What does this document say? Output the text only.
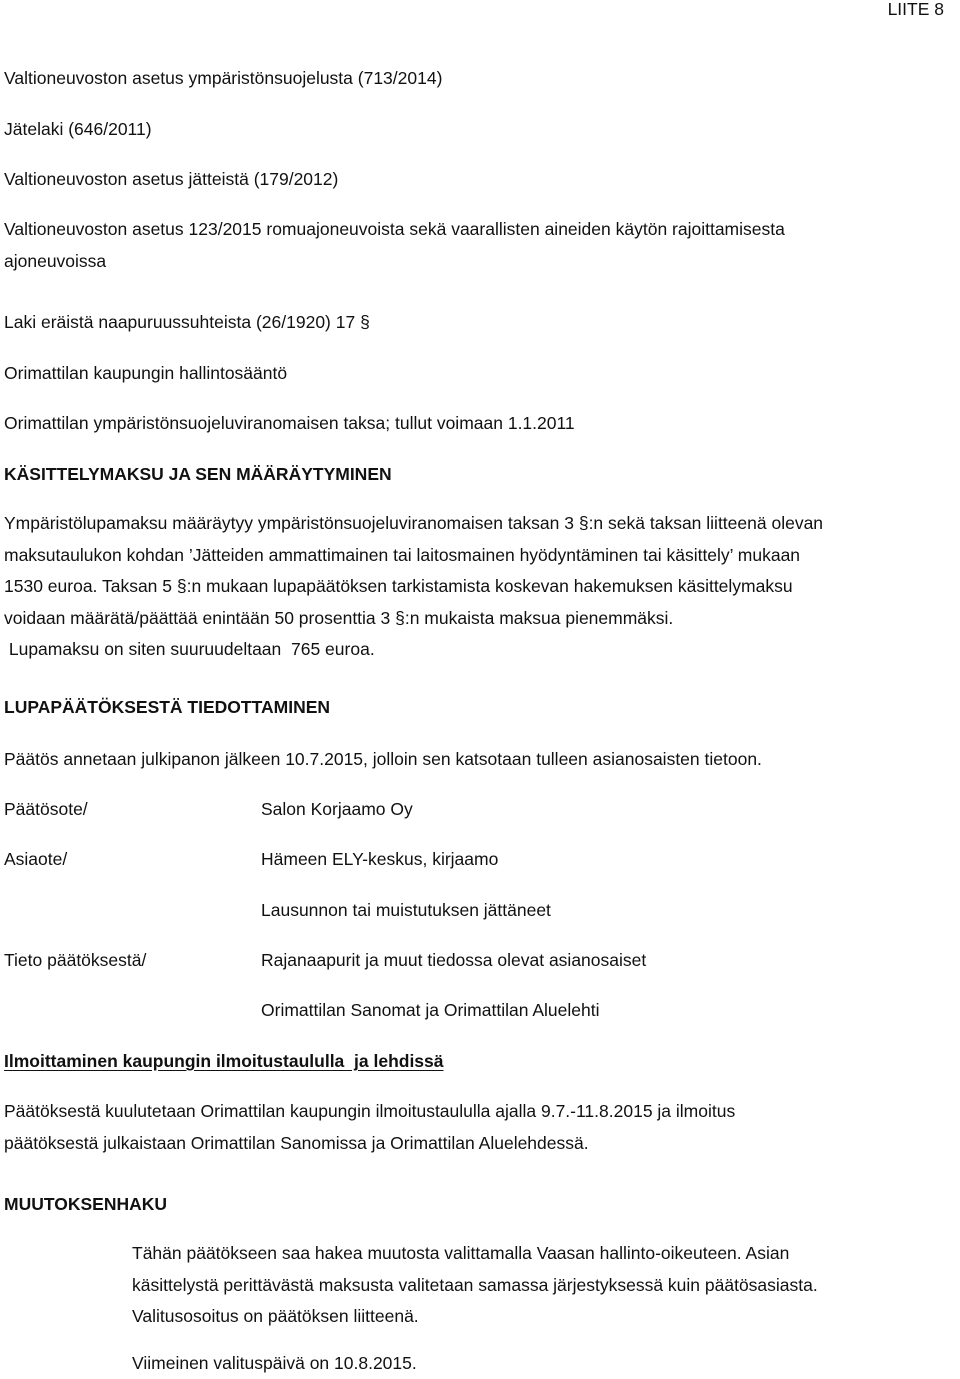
LIITE 8
Valtioneuvoston asetus ympäristönsuojelusta (713/2014)
Jätelaki (646/2011)
Valtioneuvoston asetus jätteistä (179/2012)
Valtioneuvoston asetus 123/2015 romuajoneuvoista sekä vaarallisten aineiden käytön rajoittamisesta
ajoneuvoissa
Laki eräistä naapuruussuhteista (26/1920) 17 §
Orimattilan kaupungin hallintosääntö
Orimattilan ympäristönsuojeluviranomaisen taksa; tullut voimaan 1.1.2011
KÄSITTELYMAKSU JA SEN MÄÄRÄYTYMINEN
Ympäristölupamaksu määräytyy ympäristönsuojeluviranomaisen taksan 3 §:n sekä taksan liitteenä olevan
maksutaulukon kohdan ’Jätteiden ammattimainen tai laitosmainen hyödyntäminen tai käsittely’ mukaan
1530 euroa. Taksan 5 §:n mukaan lupapäätöksen tarkistamista koskevan hakemuksen käsittelymaksu
voidaan määrätä/päättää enintään 50 prosenttia 3 §:n mukaista maksua pienemmäksi.
Lupamaksu on siten suuruudeltaan  765 euroa.
LUPAPÄÄTÖKSESTÄ TIEDOTTAMINEN
Päätös annetaan julkipanon jälkeen 10.7.2015, jolloin sen katsotaan tulleen asianosaisten tietoon.
Päätösote/	Salon Korjaamo Oy
Asiaote/	Hämeen ELY-keskus, kirjaamo
Lausunnon tai muistutuksen jättäneet
Tieto päätöksestä/	Rajanaapurit ja muut tiedossa olevat asianosaiset
Orimattilan Sanomat ja Orimattilan Aluelehti
Ilmoittaminen kaupungin ilmoitustaululla  ja lehdissä
Päätöksestä kuulutetaan Orimattilan kaupungin ilmoitustaululla ajalla 9.7.-11.8.2015 ja ilmoitus
päätöksestä julkaistaan Orimattilan Sanomissa ja Orimattilan Aluelehdessä.
MUUTOKSENHAKU
Tähän päätökseen saa hakea muutosta valittamalla Vaasan hallinto-oikeuteen. Asian
käsittelystä perittävästä maksusta valitetaan samassa järjestyksessä kuin päätösasiasta.
Valitusosoitus on päätöksen liitteenä.
Viimeinen valituspäivä on 10.8.2015.
